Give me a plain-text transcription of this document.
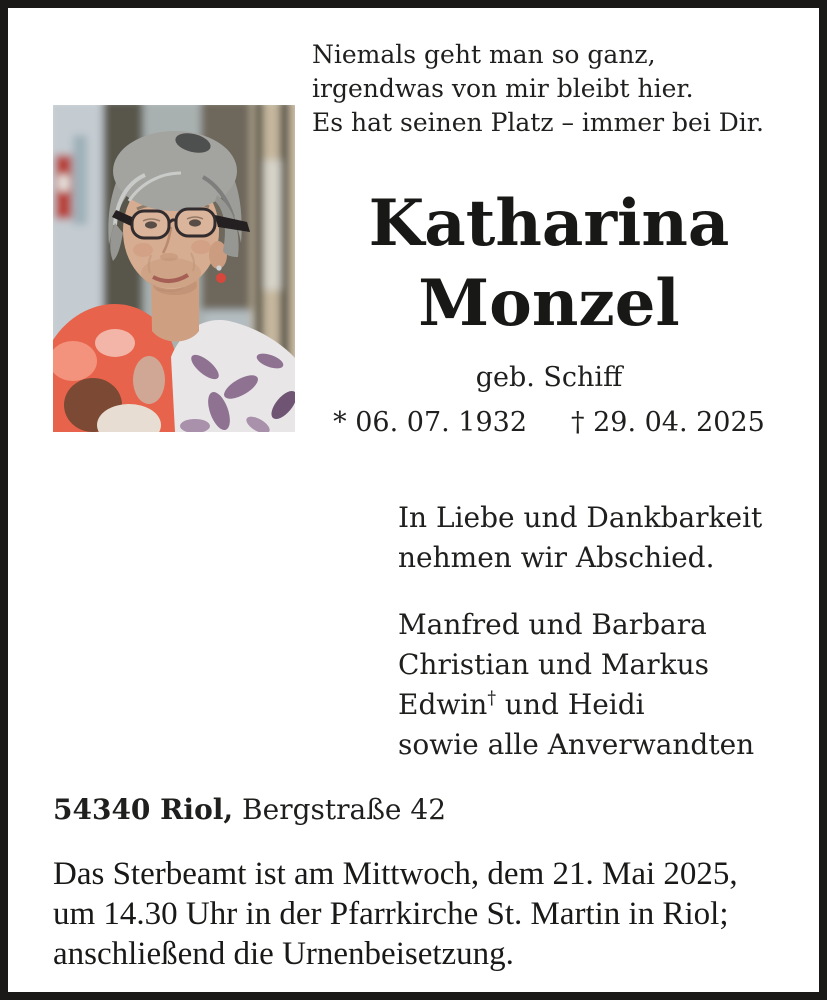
Niemals geht man so ganz,
irgendwas von mir bleibt hier.
Es hat seinen Platz – immer bei Dir.
Katharina
Monzel
geb. Schiff
* 06. 07. 1932 † 29. 04. 2025
In Liebe und Dankbarkeit
nehmen wir Abschied.
Manfred und Barbara
Christian und Markus
Edwin† und Heidi
sowie alle Anverwandten
54340 Riol, Bergstraße 42
Das Sterbeamt ist am Mittwoch, dem 21. Mai 2025,
um 14.30 Uhr in der Pfarrkirche St. Martin in Riol;
anschließend die Urnenbeisetzung.
